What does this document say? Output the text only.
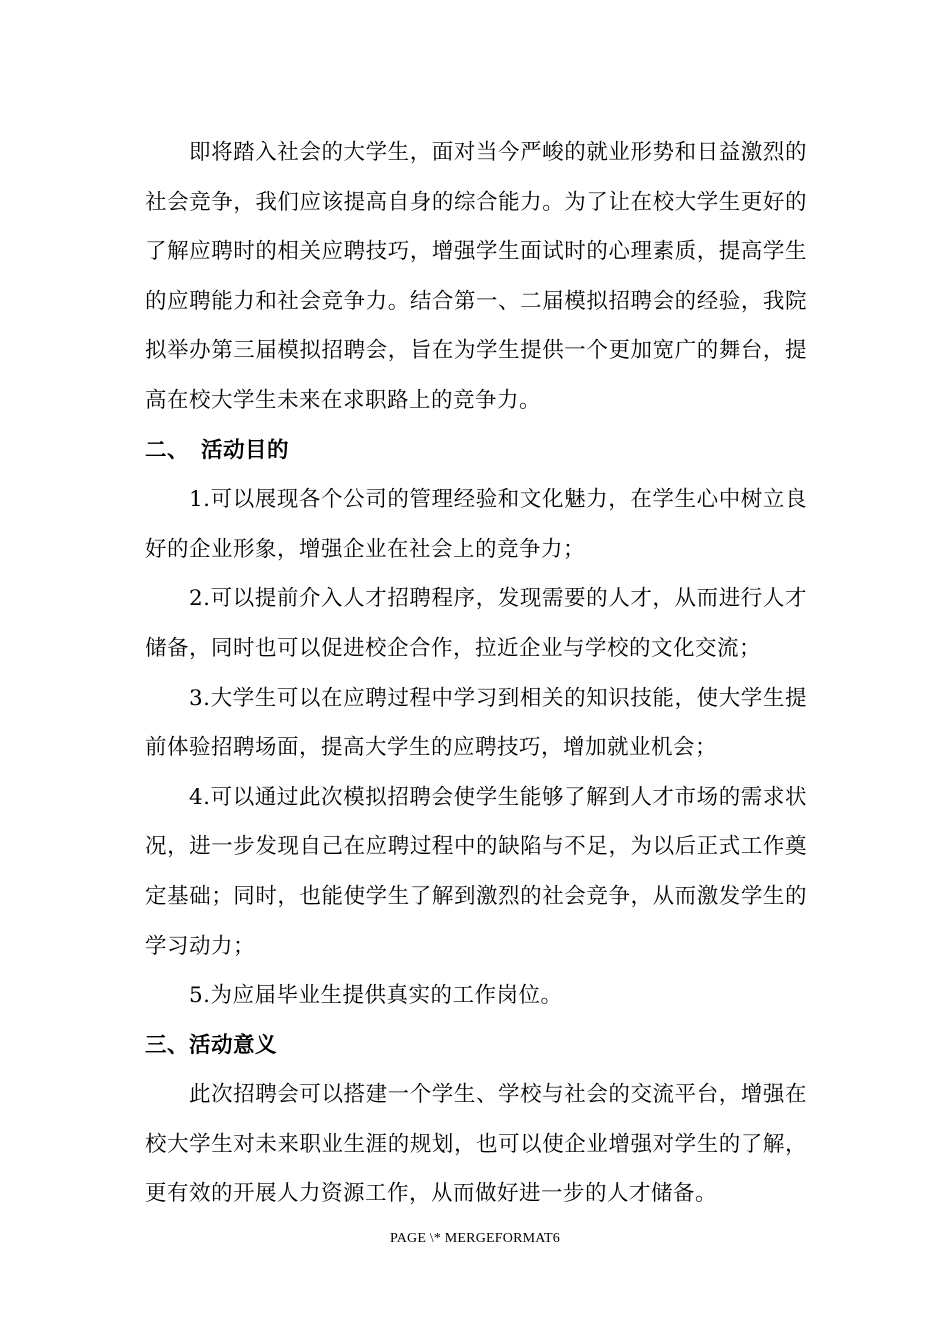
即将踏入社会的大学生，面对当今严峻的就业形势和日益激烈的社会竞争，我们应该提高自身的综合能力。为了让在校大学生更好的了解应聘时的相关应聘技巧，增强学生面试时的心理素质，提高学生的应聘能力和社会竞争力。结合第一、二届模拟招聘会的经验，我院拟举办第三届模拟招聘会，旨在为学生提供一个更加宽广的舞台，提高在校大学生未来在求职路上的竞争力。

二、 活动目的

1.可以展现各个公司的管理经验和文化魅力，在学生心中树立良好的企业形象，增强企业在社会上的竞争力；

2.可以提前介入人才招聘程序，发现需要的人才，从而进行人才储备，同时也可以促进校企合作，拉近企业与学校的文化交流；

3.大学生可以在应聘过程中学习到相关的知识技能，使大学生提前体验招聘场面，提高大学生的应聘技巧，增加就业机会；

4.可以通过此次模拟招聘会使学生能够了解到人才市场的需求状况，进一步发现自己在应聘过程中的缺陷与不足，为以后正式工作奠定基础；同时，也能使学生了解到激烈的社会竞争，从而激发学生的学习动力；

5.为应届毕业生提供真实的工作岗位。

三、活动意义

此次招聘会可以搭建一个学生、学校与社会的交流平台，增强在校大学生对未来职业生涯的规划，也可以使企业增强对学生的了解，更有效的开展人力资源工作，从而做好进一步的人才储备。

PAGE \* MERGEFORMAT6
